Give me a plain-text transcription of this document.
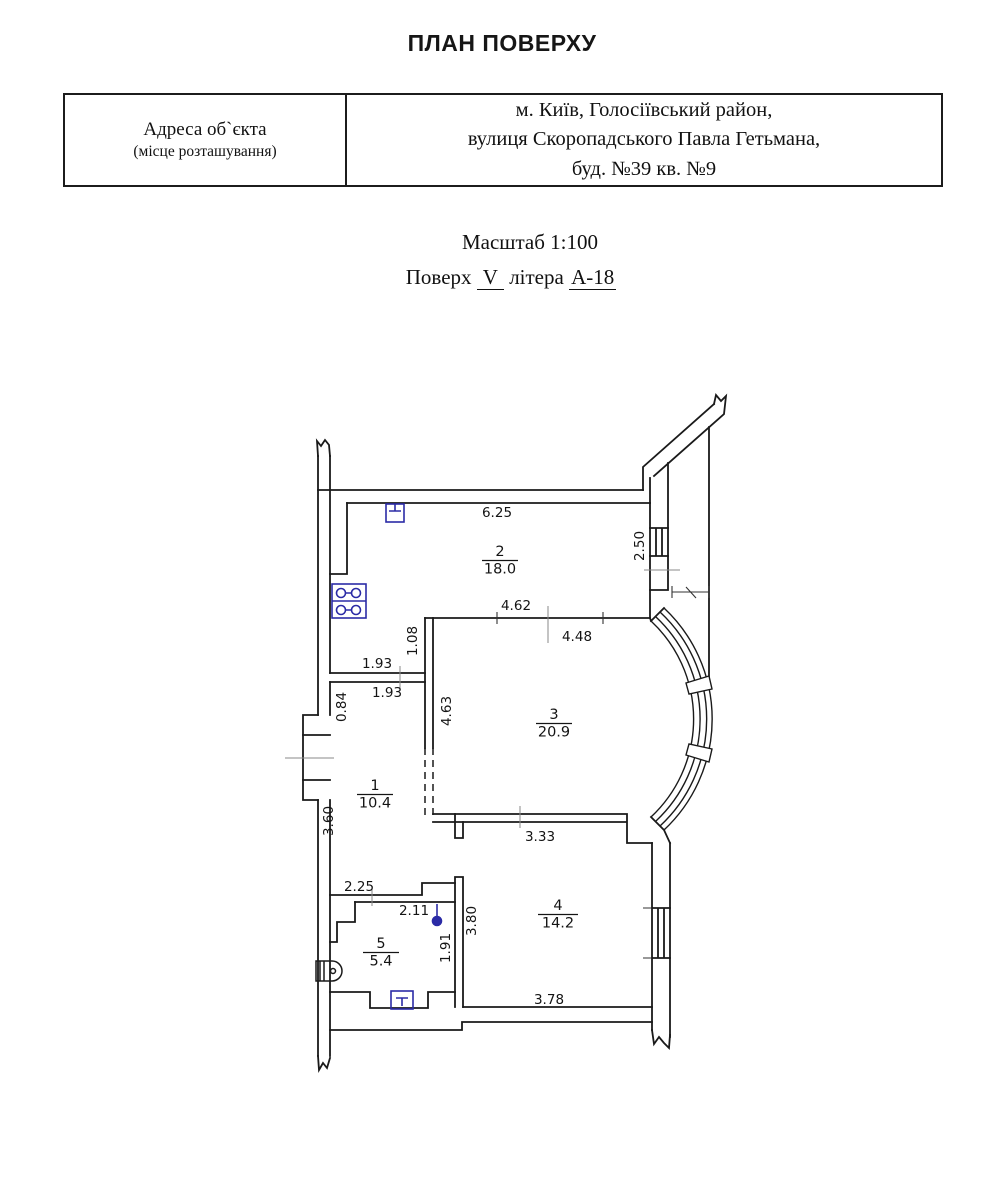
ПЛАН ПОВЕРХУ
Адреса об`єкта
(місце розташування)
м. Київ, Голосіївський район,
вулиця Скоропадського Павла Гетьмана,
буд. №39 кв. №9
Масштаб 1:100
Поверх V літера А-18
6.25
2.50
4.62
4.48
1.08
1.93
1.93
0.84	4.63
3.60
3.33
2.25
2.11	3.80
1.91
3.78
1
10.4
2
18.0
3
20.9
4
14.2
5
5.4
